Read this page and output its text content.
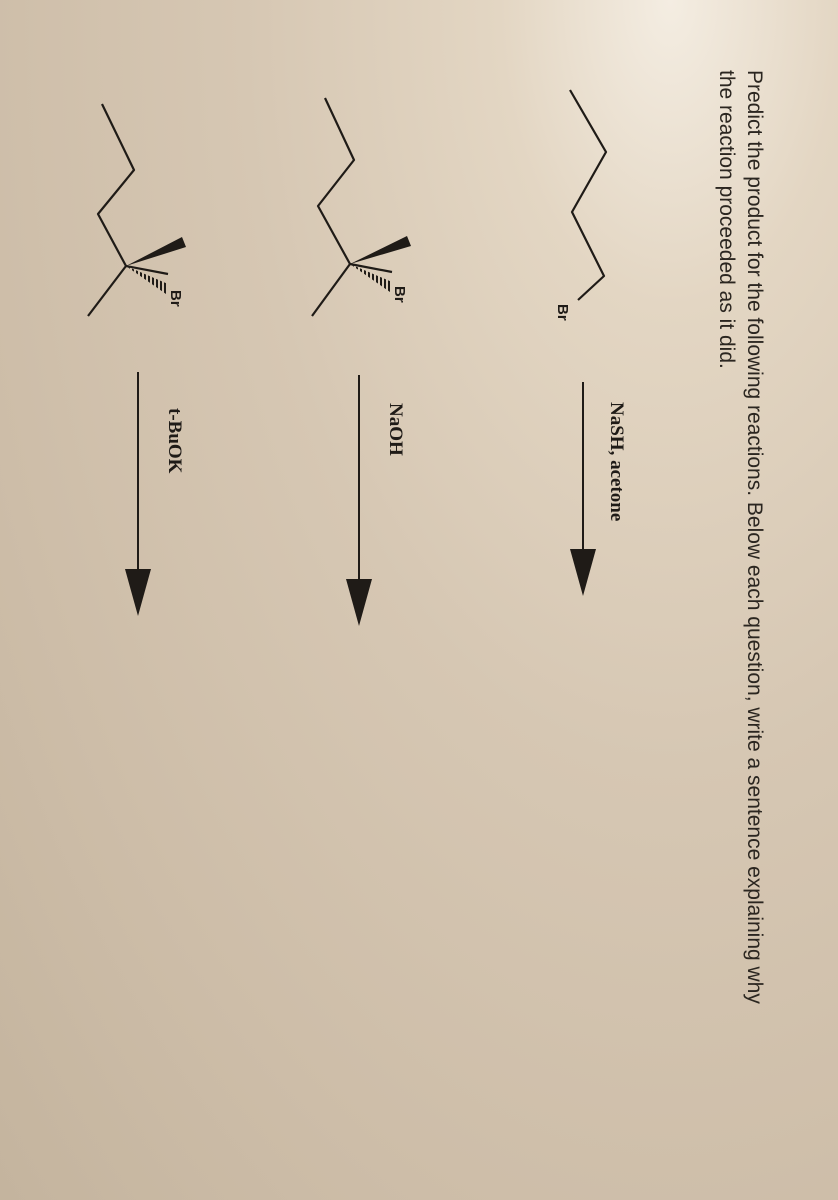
Predict the product for the following reactions. Below each question, write a sentence explaining why
the reaction proceeded as it did.
Br
NaSH, acetone
Br
NaOH
Br
t-BuOK
